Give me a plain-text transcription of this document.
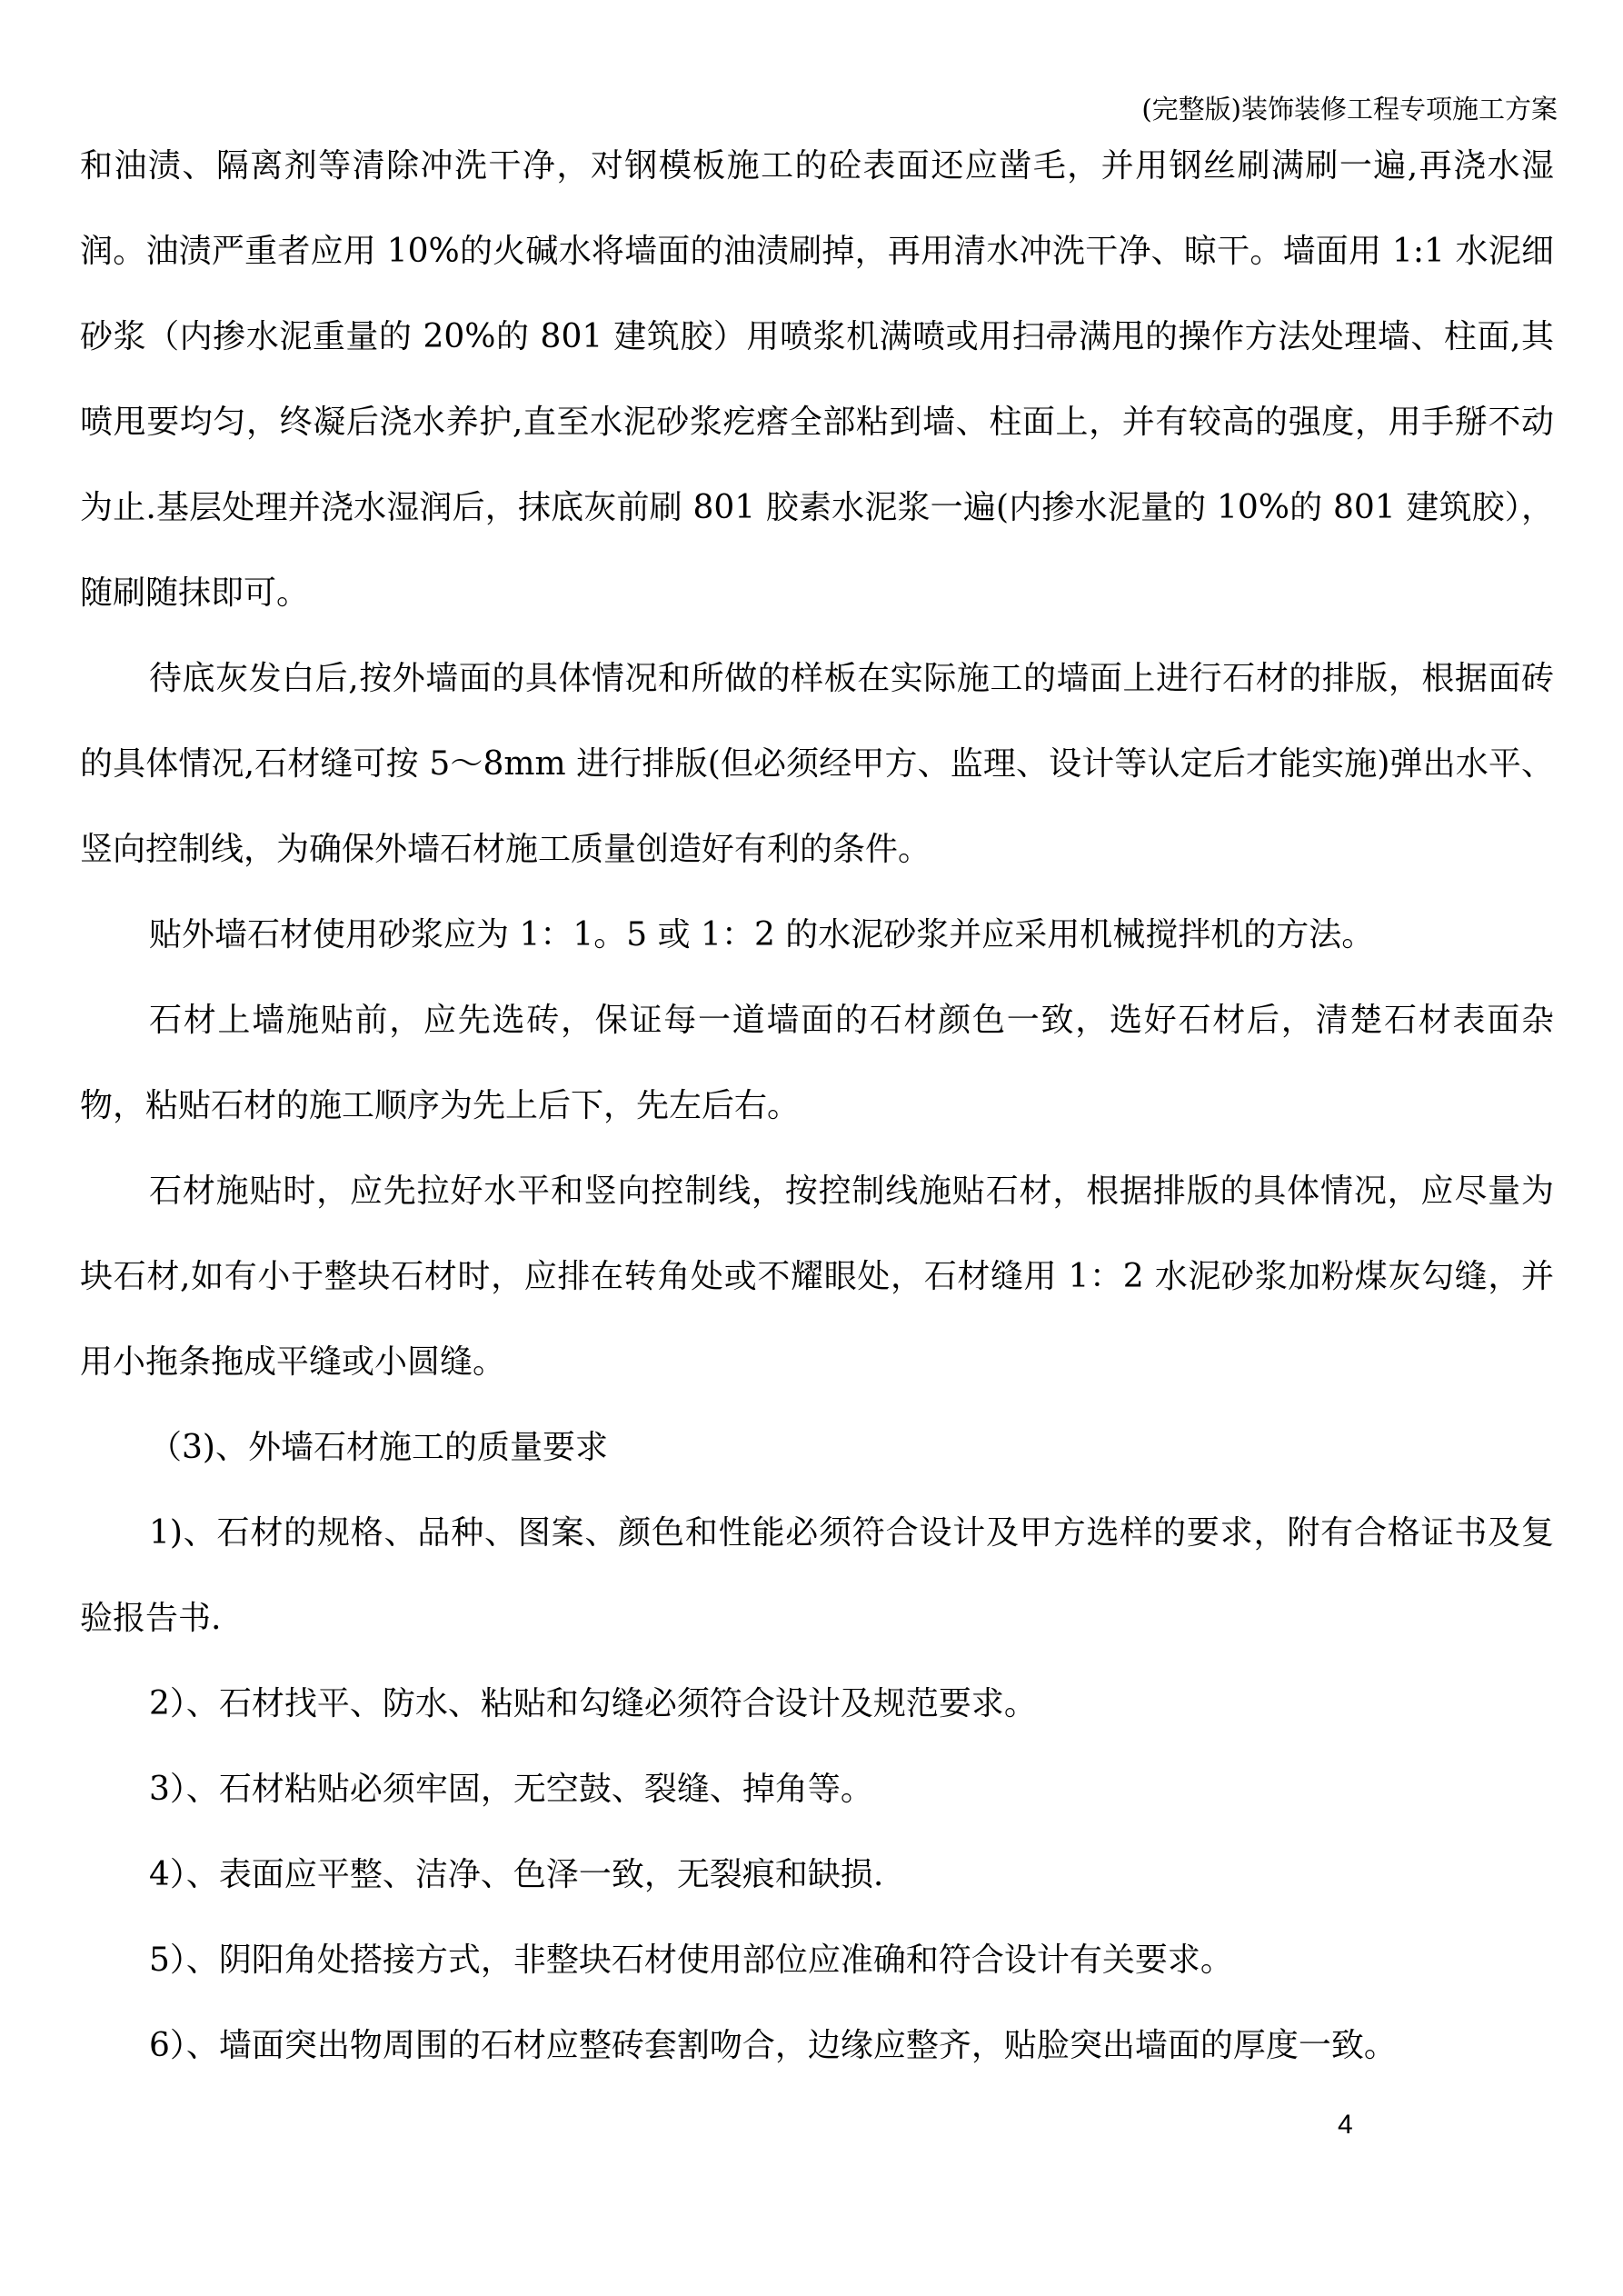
(完整版)装饰装修工程专项施工方案

和油渍、隔离剂等清除冲洗干净，对钢模板施工的砼表面还应凿毛，并用钢丝刷满刷一遍,再浇水湿润。油渍严重者应用 10%的火碱水将墙面的油渍刷掉，再用清水冲洗干净、晾干。墙面用 1:1 水泥细砂浆（内掺水泥重量的 20%的 801 建筑胶）用喷浆机满喷或用扫帚满甩的操作方法处理墙、柱面,其喷甩要均匀，终凝后浇水养护,直至水泥砂浆疙瘩全部粘到墙、柱面上，并有较高的强度，用手掰不动为止.基层处理并浇水湿润后，抹底灰前刷 801 胶素水泥浆一遍(内掺水泥量的 10%的 801 建筑胶），随刷随抹即可。

待底灰发白后,按外墙面的具体情况和所做的样板在实际施工的墙面上进行石材的排版，根据面砖的具体情况,石材缝可按 5～8mm 进行排版(但必须经甲方、监理、设计等认定后才能实施)弹出水平、竖向控制线，为确保外墙石材施工质量创造好有利的条件。

贴外墙石材使用砂浆应为 1：1。5 或 1：2 的水泥砂浆并应采用机械搅拌机的方法。

石材上墙施贴前，应先选砖，保证每一道墙面的石材颜色一致，选好石材后，清楚石材表面杂物，粘贴石材的施工顺序为先上后下，先左后右。

石材施贴时，应先拉好水平和竖向控制线，按控制线施贴石材，根据排版的具体情况，应尽量为块石材,如有小于整块石材时，应排在转角处或不耀眼处，石材缝用 1：2 水泥砂浆加粉煤灰勾缝，并用小拖条拖成平缝或小圆缝。

（3)、外墙石材施工的质量要求

1)、石材的规格、品种、图案、颜色和性能必须符合设计及甲方选样的要求，附有合格证书及复验报告书.

2）、石材找平、防水、粘贴和勾缝必须符合设计及规范要求。

3）、石材粘贴必须牢固，无空鼓、裂缝、掉角等。

4）、表面应平整、洁净、色泽一致，无裂痕和缺损.

5）、阴阳角处搭接方式，非整块石材使用部位应准确和符合设计有关要求。

6）、墙面突出物周围的石材应整砖套割吻合，边缘应整齐，贴脸突出墙面的厚度一致。

4
